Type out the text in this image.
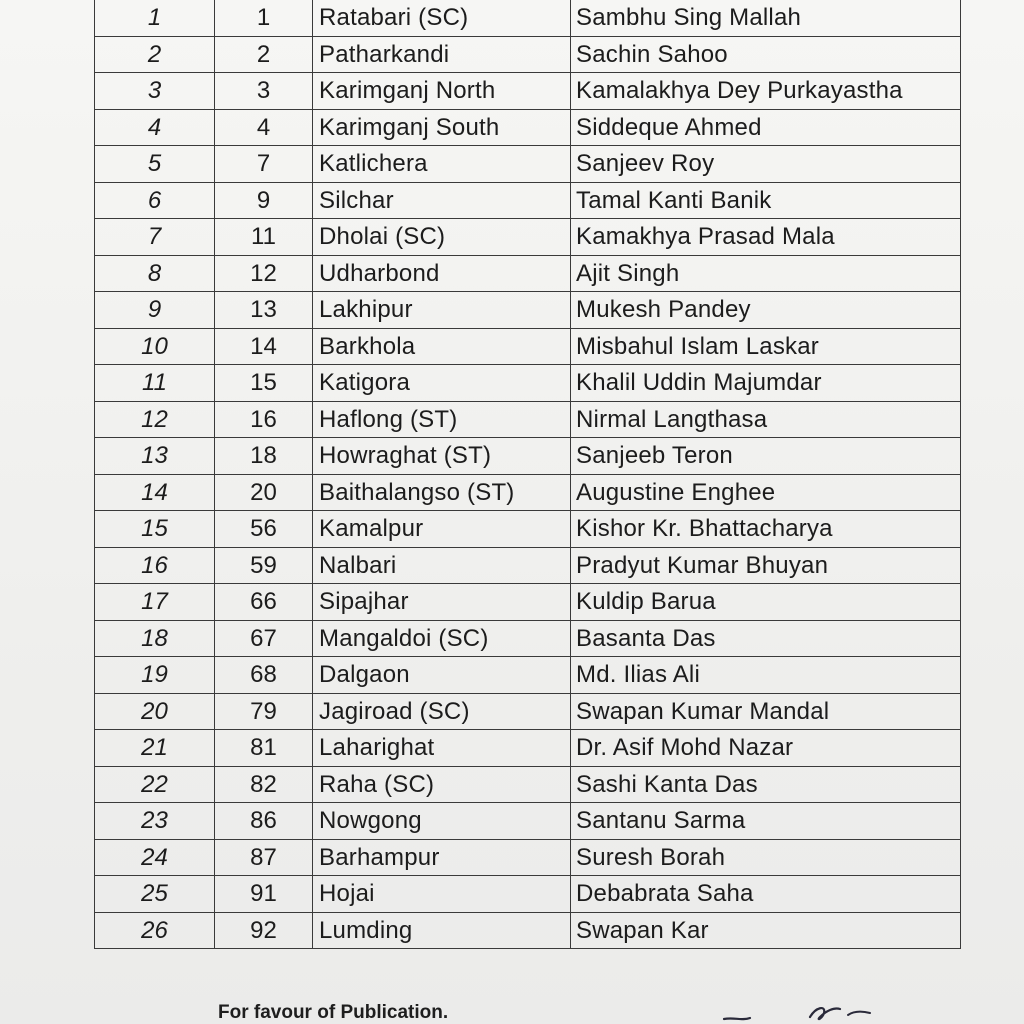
1	1	Ratabari (SC)	Sambhu Sing Mallah
2	2	Patharkandi	Sachin Sahoo
3	3	Karimganj North	Kamalakhya Dey Purkayastha
4	4	Karimganj South	Siddeque Ahmed
5	7	Katlichera	Sanjeev Roy
6	9	Silchar	Tamal Kanti Banik
7	11	Dholai (SC)	Kamakhya Prasad Mala
8	12	Udharbond	Ajit Singh
9	13	Lakhipur	Mukesh Pandey
10	14	Barkhola	Misbahul Islam Laskar
11	15	Katigora	Khalil Uddin Majumdar
12	16	Haflong (ST)	Nirmal Langthasa
13	18	Howraghat (ST)	Sanjeeb Teron
14	20	Baithalangso (ST)	Augustine Enghee
15	56	Kamalpur	Kishor Kr. Bhattacharya
16	59	Nalbari	Pradyut Kumar Bhuyan
17	66	Sipajhar	Kuldip Barua
18	67	Mangaldoi (SC)	Basanta Das
19	68	Dalgaon	Md. Ilias Ali
20	79	Jagiroad (SC)	Swapan Kumar Mandal
21	81	Laharighat	Dr. Asif Mohd Nazar
22	82	Raha (SC)	Sashi Kanta Das
23	86	Nowgong	Santanu Sarma
24	87	Barhampur	Suresh Borah
25	91	Hojai	Debabrata Saha
26	92	Lumding	Swapan Kar
For favour of Publication.
